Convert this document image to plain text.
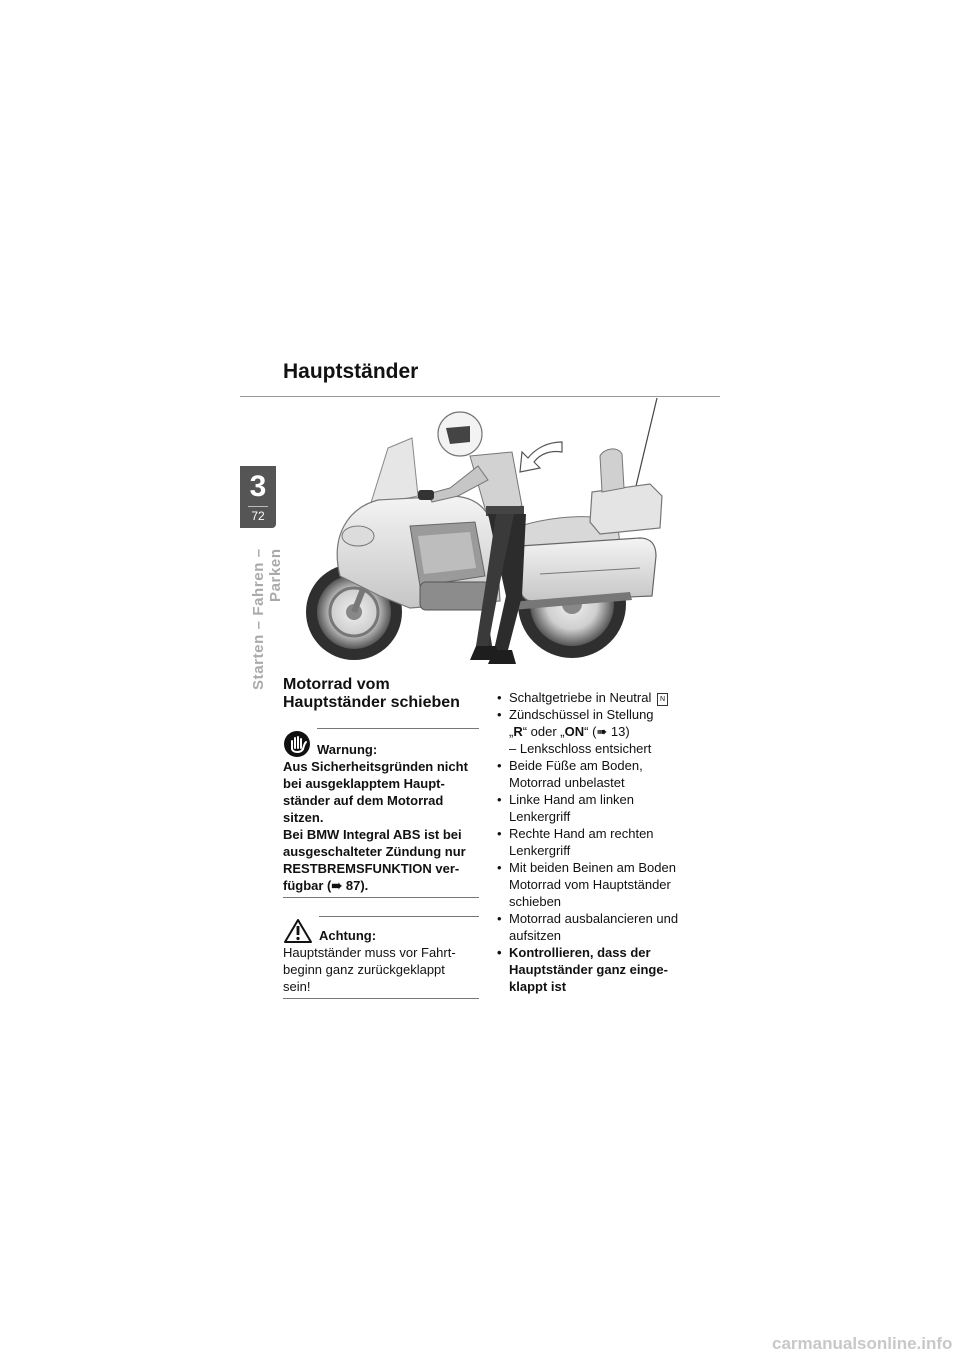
Hauptständer
3
72
Starten – Fahren – Parken
Motorrad vom
Hauptständer schieben
Warnung:
Aus Sicherheitsgründen nicht
bei ausgeklapptem Haupt-
ständer auf dem Motorrad
sitzen.
Bei BMW Integral ABS ist bei
ausgeschalteter Zündung nur
RESTBREMSFUNKTION ver-
fügbar (➠ 87).
Achtung:
Hauptständer muss vor Fahrt-
beginn ganz zurückgeklappt
sein!
• Schaltgetriebe in Neutral N
• Zündschüssel in Stellung
„R“ oder „ON“ (➠ 13)
– Lenkschloss entsichert
• Beide Füße am Boden,
Motorrad unbelastet
• Linke Hand am linken
Lenkergriff
• Rechte Hand am rechten
Lenkergriff
• Mit beiden Beinen am Boden
Motorrad vom Hauptständer
schieben
• Motorrad ausbalancieren und
aufsitzen
• Kontrollieren, dass der
Hauptständer ganz einge-
klappt ist
carmanualsonline.info
